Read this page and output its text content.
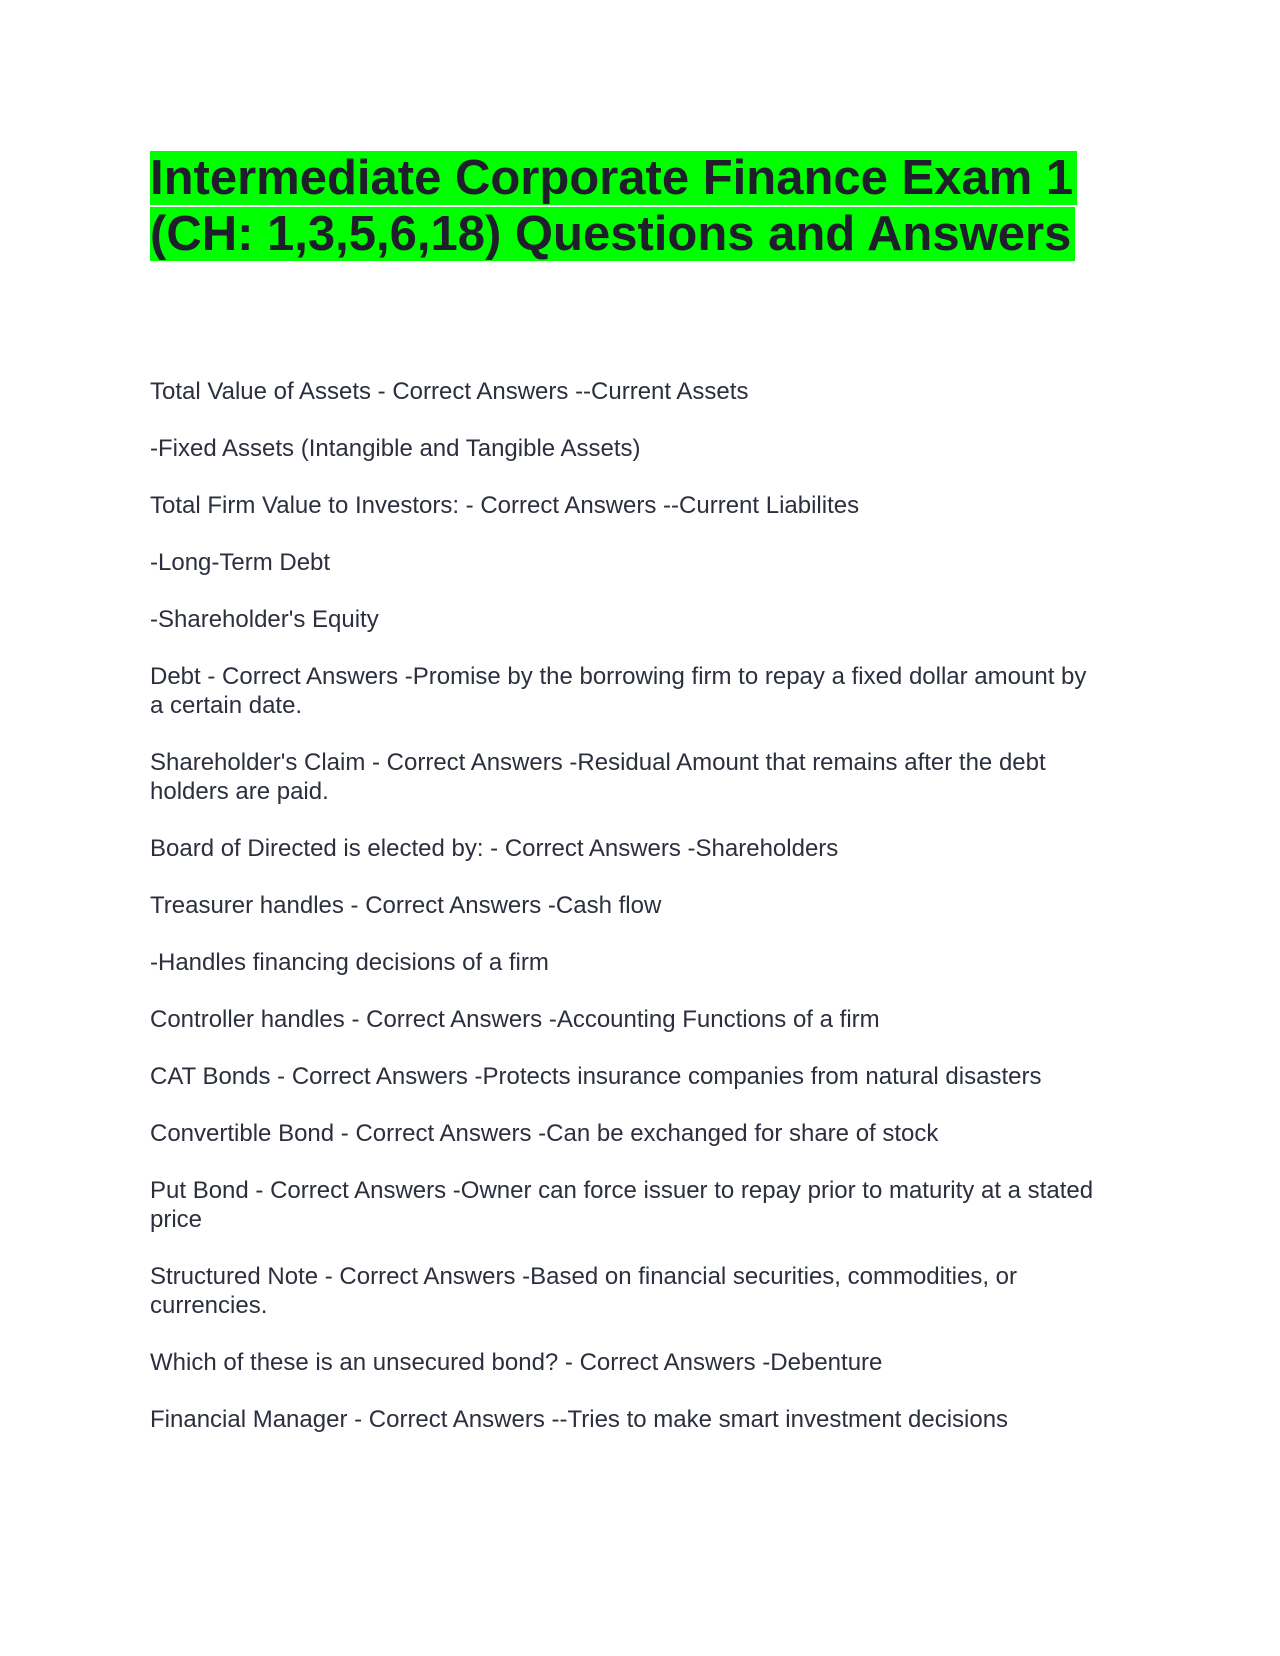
Intermediate Corporate Finance Exam 1
(CH: 1,3,5,6,18) Questions and Answers

Total Value of Assets - Correct Answers --Current Assets

-Fixed Assets (Intangible and Tangible Assets)

Total Firm Value to Investors: - Correct Answers --Current Liabilites

-Long-Term Debt

-Shareholder's Equity

Debt - Correct Answers -Promise by the borrowing firm to repay a fixed dollar amount by a certain date.

Shareholder's Claim - Correct Answers -Residual Amount that remains after the debt holders are paid.

Board of Directed is elected by: - Correct Answers -Shareholders

Treasurer handles - Correct Answers -Cash flow

-Handles financing decisions of a firm

Controller handles - Correct Answers -Accounting Functions of a firm

CAT Bonds - Correct Answers -Protects insurance companies from natural disasters

Convertible Bond - Correct Answers -Can be exchanged for share of stock

Put Bond - Correct Answers -Owner can force issuer to repay prior to maturity at a stated price

Structured Note - Correct Answers -Based on financial securities, commodities, or currencies.

Which of these is an unsecured bond? - Correct Answers -Debenture

Financial Manager - Correct Answers --Tries to make smart investment decisions
